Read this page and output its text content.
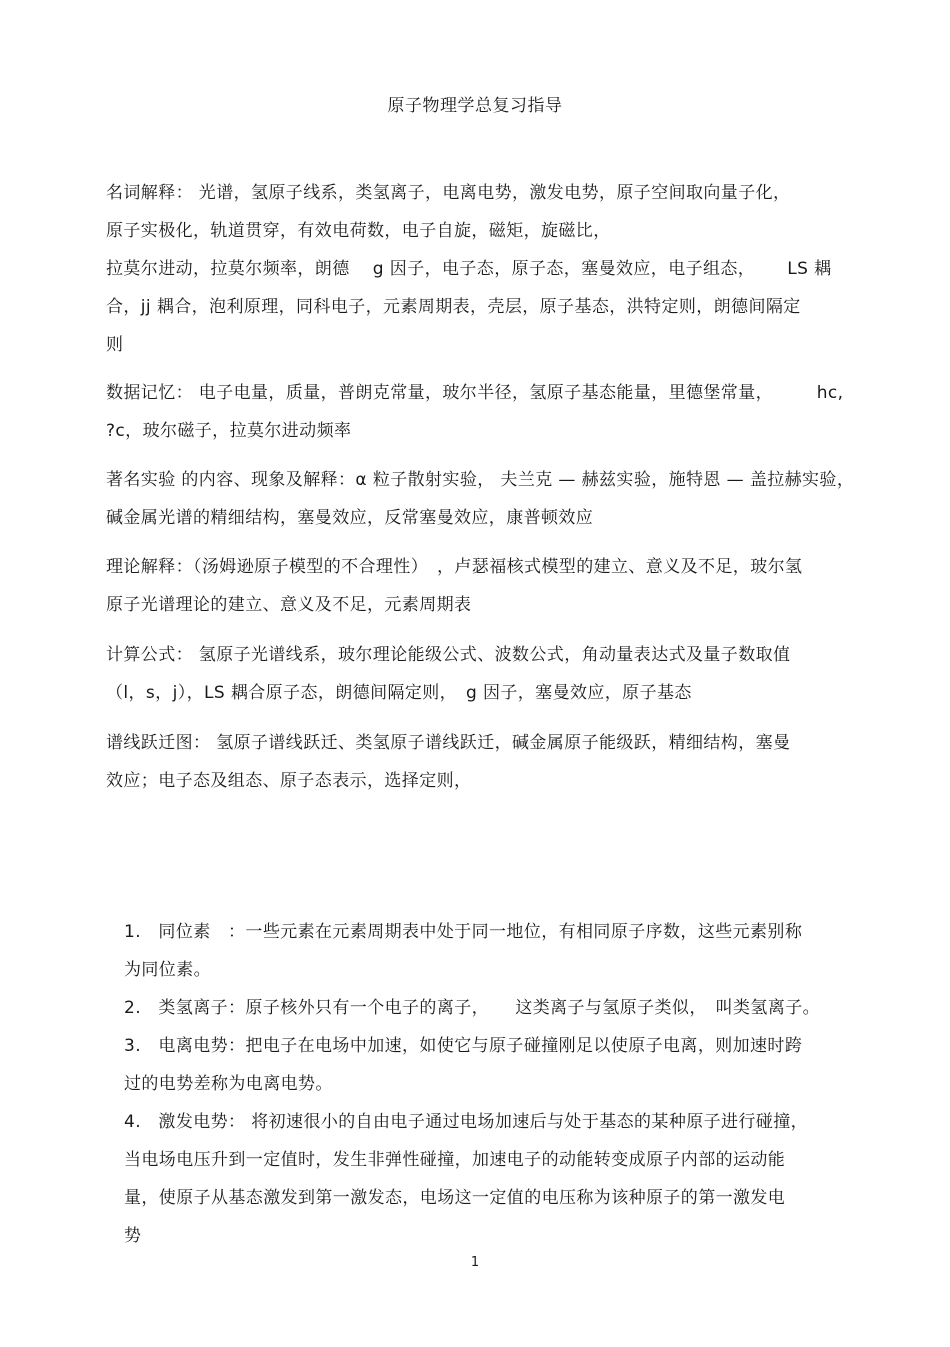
原子物理学总复习指导

名词解释： 光谱，氢原子线系，类氢离子，电离电势，激发电势，原子空间取向量子化，

原子实极化，轨道贯穿，有效电荷数，电子自旋，磁矩，旋磁比，

拉莫尔进动，拉莫尔频率，朗德　 g 因子，电子态，原子态，塞曼效应，电子组态，　　 LS 耦

合，jj 耦合，泡利原理，同科电子，元素周期表，壳层，原子基态，洪特定则，朗德间隔定

则

数据记忆： 电子电量，质量，普朗克常量，玻尔半径，氢原子基态能量，里德堡常量，　　　hc,

?c，玻尔磁子，拉莫尔进动频率

著名实验 的内容、现象及解释：α 粒子散射实验， 夫兰克 — 赫兹实验，施特恩 — 盖拉赫实验，

碱金属光谱的精细结构，塞曼效应，反常塞曼效应，康普顿效应

理论解释：（汤姆逊原子模型的不合理性）　，卢瑟福核式模型的建立、意义及不足，玻尔氢

原子光谱理论的建立、意义及不足，元素周期表

计算公式： 氢原子光谱线系，玻尔理论能级公式、波数公式，角动量表达式及量子数取值

（l，s，j），LS 耦合原子态，朗德间隔定则，　g 因子，塞曼效应，原子基态

谱线跃迁图： 氢原子谱线跃迁、类氢原子谱线跃迁，碱金属原子能级跃，精细结构，塞曼

效应；电子态及组态、原子态表示，选择定则，

1.　同位素　：一些元素在元素周期表中处于同一地位，有相同原子序数，这些元素别称

为同位素。

2.　类氢离子：原子核外只有一个电子的离子，　　这类离子与氢原子类似，　叫类氢离子。

3.　电离电势：把电子在电场中加速，如使它与原子碰撞刚足以使原子电离，则加速时跨

过的电势差称为电离电势。

4.　激发电势： 将初速很小的自由电子通过电场加速后与处于基态的某种原子进行碰撞，

当电场电压升到一定值时，发生非弹性碰撞，加速电子的动能转变成原子内部的运动能

量，使原子从基态激发到第一激发态，电场这一定值的电压称为该种原子的第一激发电

势

1
